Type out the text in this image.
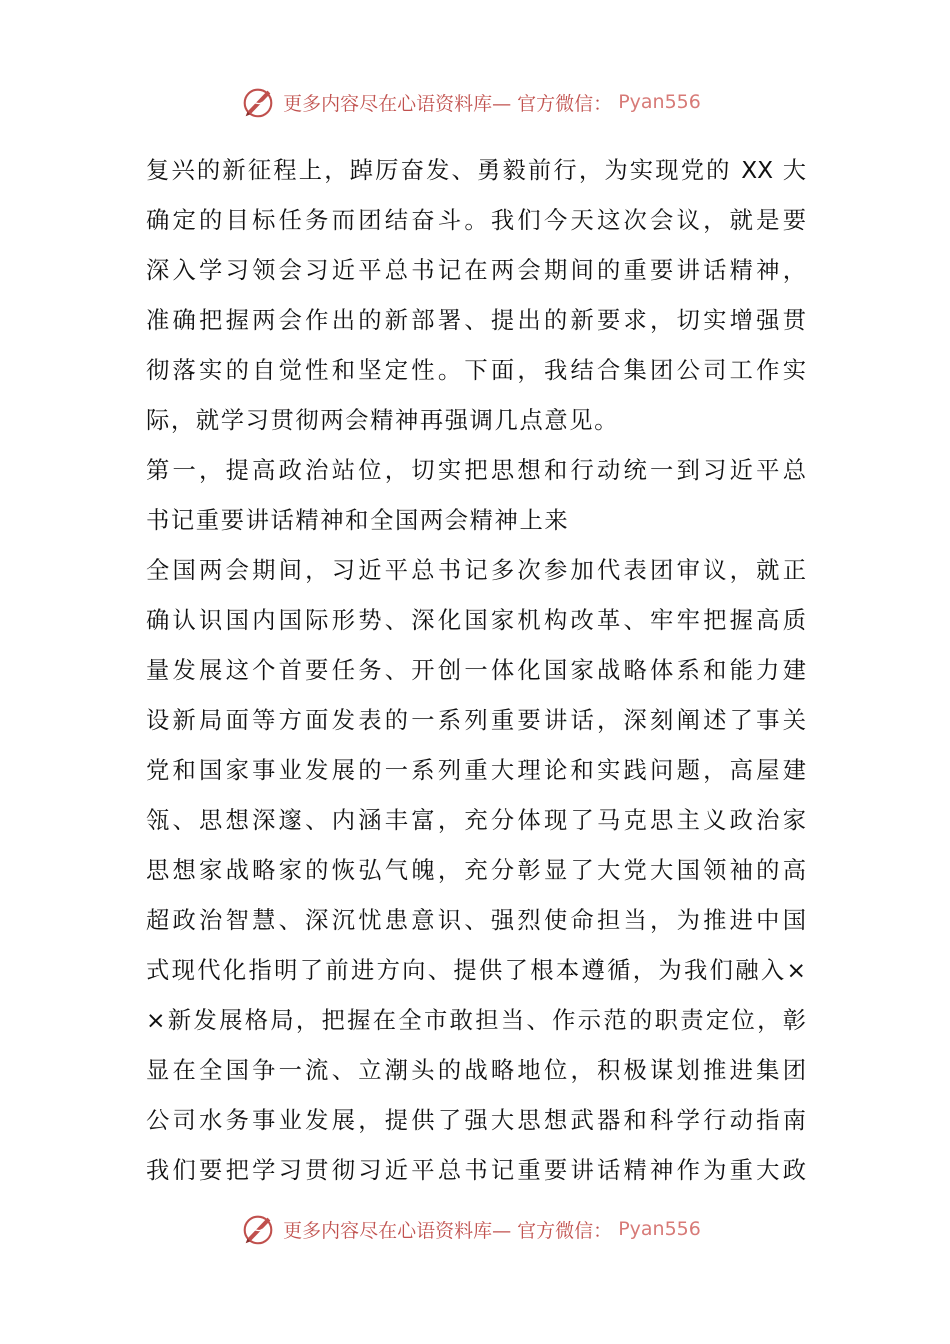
更多内容尽在心语资料库— 官方微信： Pyan556
复兴的新征程上，踔厉奋发、勇毅前行，为实现党的 XX 大
确定的目标任务而团结奋斗。我们今天这次会议，就是要
深入学习领会习近平总书记在两会期间的重要讲话精神，
准确把握两会作出的新部署、提出的新要求，切实增强贯
彻落实的自觉性和坚定性。下面，我结合集团公司工作实
际，就学习贯彻两会精神再强调几点意见。
第一，提高政治站位，切实把思想和行动统一到习近平总
书记重要讲话精神和全国两会精神上来
全国两会期间，习近平总书记多次参加代表团审议，就正
确认识国内国际形势、深化国家机构改革、牢牢把握高质
量发展这个首要任务、开创一体化国家战略体系和能力建
设新局面等方面发表的一系列重要讲话，深刻阐述了事关
党和国家事业发展的一系列重大理论和实践问题，高屋建
瓴、思想深邃、内涵丰富，充分体现了马克思主义政治家
思想家战略家的恢弘气魄，充分彰显了大党大国领袖的高
超政治智慧、深沉忧患意识、强烈使命担当，为推进中国
式现代化指明了前进方向、提供了根本遵循，为我们融入×
×新发展格局，把握在全市敢担当、作示范的职责定位，彰
显在全国争一流、立潮头的战略地位，积极谋划推进集团
公司水务事业发展，提供了强大思想武器和科学行动指南
我们要把学习贯彻习近平总书记重要讲话精神作为重大政
更多内容尽在心语资料库— 官方微信： Pyan556
